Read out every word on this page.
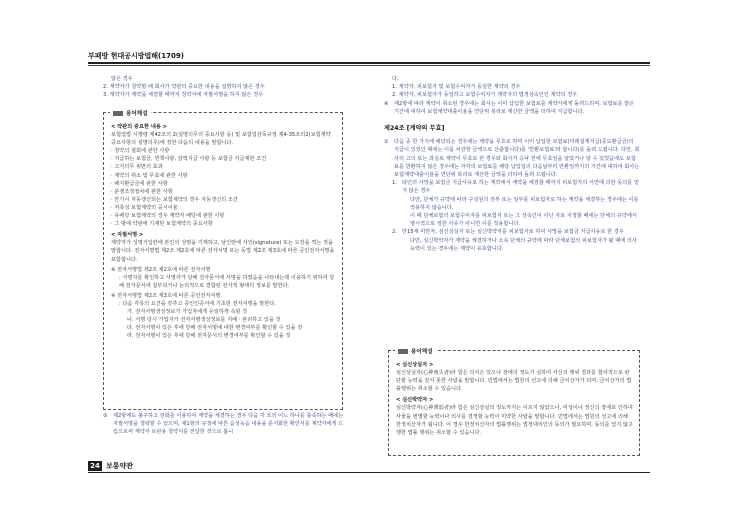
부패방 현대공시방법해(1709)

않은 경우

2. 계약자가 청약할 때 회사가 약관의 중요한 내용을 설명하지 않은 경우

3. 계약자가 계약을 체결할 때까지 청약서에 자필서명을 하지 않은 경우

용어해설

< 약관의 중요한 내용 >

보험업법 시행령 제42조의 2(설명의무의 중요사항 등) 및 보험업감독규정 제4-35조의2(보험계약 중요사항의 설명의무)에 정한 다음의 내용을 말합니다.

· 청약의 철회에 관한 사항

· 지급하는 보험금, 면책사항, 감액지급 사항 등 보험금 지급제한 조건

· 고지의무 위반의 효과

· 계약의 취소 및 무효에 관한 사항

· 해지환급금에 관한 사항

· 분쟁조정절차에 관한 사항

· 만기시 자동갱신되는 보험계약의 경우 자동갱신의 조건

· 저축성 보험계약의 공시이율

· 유배당 보험계약의 경우 계약자 배당에 관한 사항

· 그 밖에 약관에 기재된 보험계약의 중요사항

< 자필서명 >

계약자가 성명기입란에 본인의 성명을 기재하고, 날인란에 사인(signature) 또는 도장을 찍는 것을 말합니다. 전자서명법 제2조 제2호에 따른 전자서명 또는 동법 제2조 제3호에 따른 공인전자서명을 포함합니다.

※ 전자서명법 제2조 제2호에 따른 전자서명

: 서명자를 확인하고 서명자가 당해 전자문서에 서명을 하였음을 나타내는데 이용하기 위하여 당해 전자문서에 첨부되거나 논리적으로 결합된 전자적 형태의 정보를 말한다.

※ 전자서명법 제2조 제3호에 따른 공인전자서명

: 다음 각목의 요건을 갖추고 공인인증서에 기초한 전자서명을 말한다.

가. 전자서명생성정보가 가입자에게 유일하게 속할 것

나. 서명 당시 가입자가 전자서명생성정보를 지배ㆍ관리하고 있을 것

다. 전자서명이 있은 후에 당해 전자서명에 대한 변경여부를 확인할 수 있을 것

라. 전자서명이 있은 후에 당해 전자문서의 변경여부를 확인할 수 있을 것

③ 제2항에도 불구하고 전화를 이용하여 계약을 체결하는 경우 다음 각 호의 어느 하나를 충족하는 때에는 자필서명을 생략할 수 있으며, 제1항의 규정에 따른 음성녹음 내용을 문서화한 확인서를 계약자에게 드림으로써 계약자 보관용 청약서를 전달한 것으로 봅니

다.

1. 계약자, 피보험자 및 보험수익자가 동일한 계약의 경우

2. 계약자, 피보험자가 동일하고 보험수익자가 계약자의 법정상속인인 계약의 경우

④ 제2항에 따라 계약이 취소된 경우에는 회사는 이미 납입한 보험료를 계약자에게 돌려드리며, 보험료를 받은 기간에 대하여 보험계약대출이율을 연단위 복리로 계산한 금액을 더하여 지급합니다.

제24조 [계약의 무효]

① 다음 중 한 가지에 해당되는 경우에는 계약을 무효로 하며 이미 납입한 보험료(미래설계지급(중도환급금)의 지급이 있었던 때에는 이를 차감한 금액으로 산출합니다)를 '반환보험료'라 합니다)를 돌려 드립니다. 다만, 회사의 고의 또는 과실로 계약이 무효로 된 경우와 회사가 승낙 전에 무효임을 알았거나 알 수 있었음에도 보험료를 반환하지 않은 경우에는 각각의 보험료를 해당 납입일의 다음날부터 반환일까지의 기간에 대하여 회사는 보험계약대출이율을 연단위 복리로 계산한 금액을 더하여 돌려 드립니다.
1. 타인의 사망을 보험금 지급사유로 하는 계약에서 계약을 체결할 때까지 피보험자의 서면에 의한 동의를 얻지 않은 경우

다만, 단체가 규약에 따라 구성원의 전부 또는 일부를 피보험자로 하는 계약을 체결하는 경우에는 이를 적용하지 않습니다.

이 때 단체보험의 보험수익자를 피보험자 또는 그 상속인이 아닌 자로 지정할 때에는 단체의 규약에서 명시적으로 정한 사유가 아니면 이를 적용합니다.

2. 만15세 미만자, 심신상실자 또는 심신박약자를 피보험자로 하여 사망을 보험금 지급사유로 한 경우

다만, 심신박약자가 계약을 체결하거나 소속 단체의 규약에 따라 단체보험의 피보험자가 될 때에 의사능력이 있는 경우에는 계약이 유효합니다.

용어해설

< 심신상실자 >

심신상실자(心神喪失者)라 함은 의식은 있으나 장애의 정도가 심하여 자신의 행위 결과를 합리적으로 판단할 능력을 갖지 못한 사람을 말합니다. 민법에서는 법원의 선고에 의해 금치산자가 되며, 금치산자의 법률행위는 취소할 수 있습니다.

< 심신박약자 >

심신박약자(心神薄弱者)라 함은 심신상실의 정도까지는 이르지 않았으나, 미성이나 정신의 장애로 인하여 사물을 변별할 능력이나 의사를 결정할 능력이 미약한 사람을 말합니다. 민법에서는 법원의 선고에 의해 한정치산자가 됩니다. 이 경우 한정치산자의 법률행위는 법정대리인의 동의가 필요하며, 동의를 얻지 않고 행한 법률 행위는 취소할 수 있습니다.

24 보통약관
